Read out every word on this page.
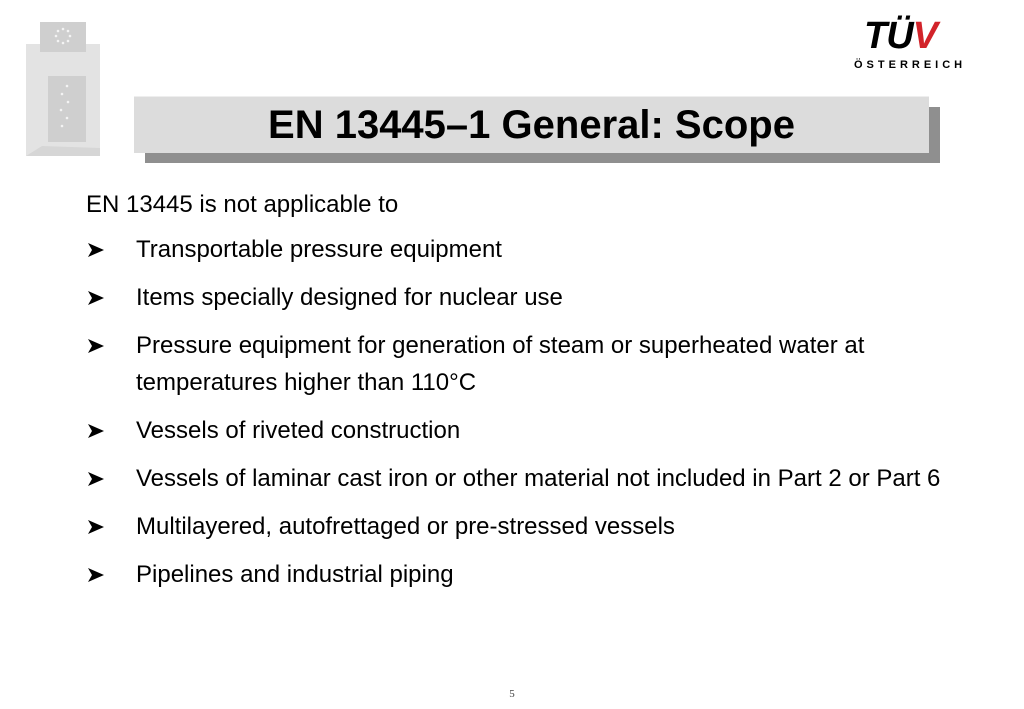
TÜV
ÖSTERREICH
EN 13445–1 General: Scope
EN 13445 is not applicable to
Transportable pressure equipment
Items specially designed for nuclear use
Pressure equipment for generation of steam or superheated water at temperatures higher than 110°C
Vessels of riveted construction
Vessels of laminar cast iron or other material not included in Part 2 or Part 6
Multilayered, autofrettaged or pre-stressed vessels
Pipelines and industrial piping
5
